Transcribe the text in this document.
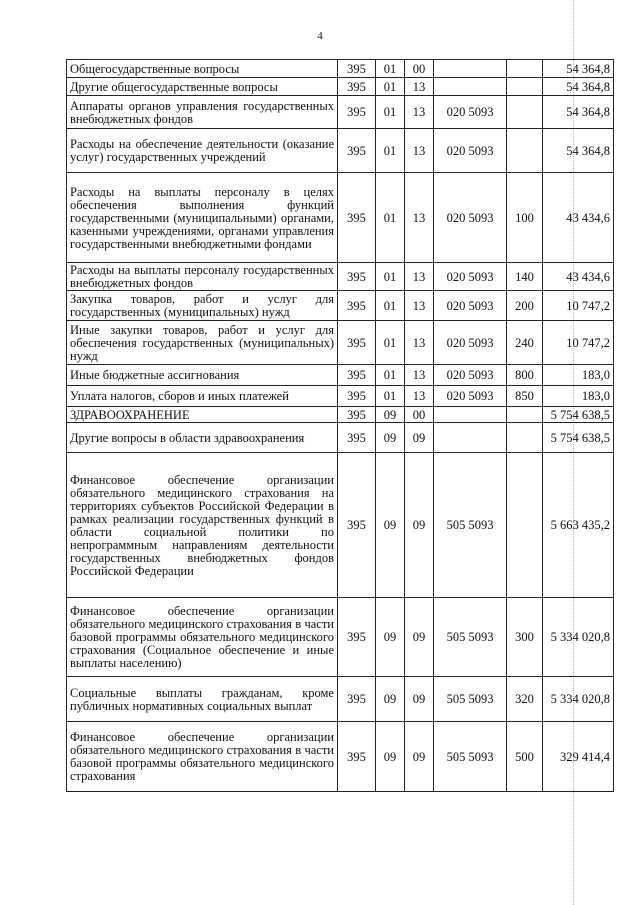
4
Общегосударственные вопросы	395	01	00			54 364,8
Другие общегосударственные вопросы	395	01	13			54 364,8
Аппараты органов управления государственных внебюджетных фондов	395	01	13	020 5093		54 364,8
Расходы на обеспечение деятельности (оказание услуг) государственных учреждений	395	01	13	020 5093		54 364,8
Расходы на выплаты персоналу в целях обеспечения выполнения функций государственными (муниципальными) органами, казенными учреждениями, органами управления государственными внебюджетными фондами	395	01	13	020 5093	100	43 434,6
Расходы на выплаты персоналу государственных внебюджетных фондов	395	01	13	020 5093	140	43 434,6
Закупка товаров, работ и услуг для государственных (муниципальных) нужд	395	01	13	020 5093	200	10 747,2
Иные закупки товаров, работ и услуг для обеспечения государственных (муниципальных) нужд	395	01	13	020 5093	240	10 747,2
Иные бюджетные ассигнования	395	01	13	020 5093	800	183,0
Уплата налогов, сборов и иных платежей	395	01	13	020 5093	850	183,0
ЗДРАВООХРАНЕНИЕ	395	09	00			5 754 638,5
Другие вопросы в области здравоохранения	395	09	09			5 754 638,5
Финансовое обеспечение организации обязательного медицинского страхования на территориях субъектов Российской Федерации в рамках реализации государственных функций в области социальной политики по непрограммным направлениям деятельности государственных внебюджетных фондов Российской Федерации	395	09	09	505 5093		5 663 435,2
Финансовое обеспечение организации обязательного медицинского страхования в части базовой программы обязательного медицинского страхования (Социальное обеспечение и иные выплаты населению)	395	09	09	505 5093	300	5 334 020,8
Социальные выплаты гражданам, кроме публичных нормативных социальных выплат	395	09	09	505 5093	320	5 334 020,8
Финансовое обеспечение организации обязательного медицинского страхования в части базовой программы обязательного медицинского страхования	395	09	09	505 5093	500	329 414,4
